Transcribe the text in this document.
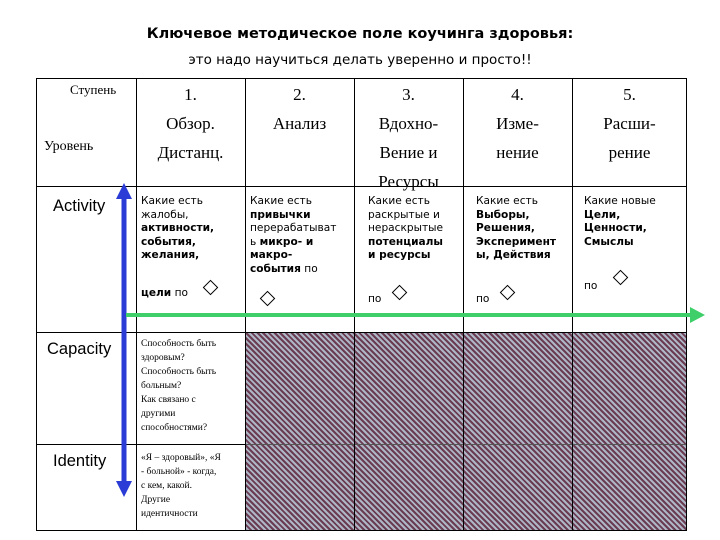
Ключевое методическое поле коучинга здоровья:
это надо научиться делать уверенно и просто!!
Ступень
Уровень
1.
Обзор.
Дистанц.
2.
Анализ
3.
Вдохно-
Вение и
Ресурсы
4.
Изме-
нение
5.
Расши-
рение
Activity
Capacity
Identity
Какие есть
жалобы,
активности,
события,
желания,
цели по
Какие есть
привычки
перерабатыват
ь микро- и
макро-
события по
Какие есть
раскрытые и
нераскрытые
потенциалы
и ресурсы
по
Какие есть
Выборы,
Решения,
Эксперимент
ы, Действия
по
Какие новые
Цели,
Ценности,
Смыслы
по
Способность быть
здоровым?
Способность быть
больным?
Как связано с
другими
способностями?
«Я – здоровый», «Я
- больной» - когда,
с кем, какой.
Другие
идентичности
